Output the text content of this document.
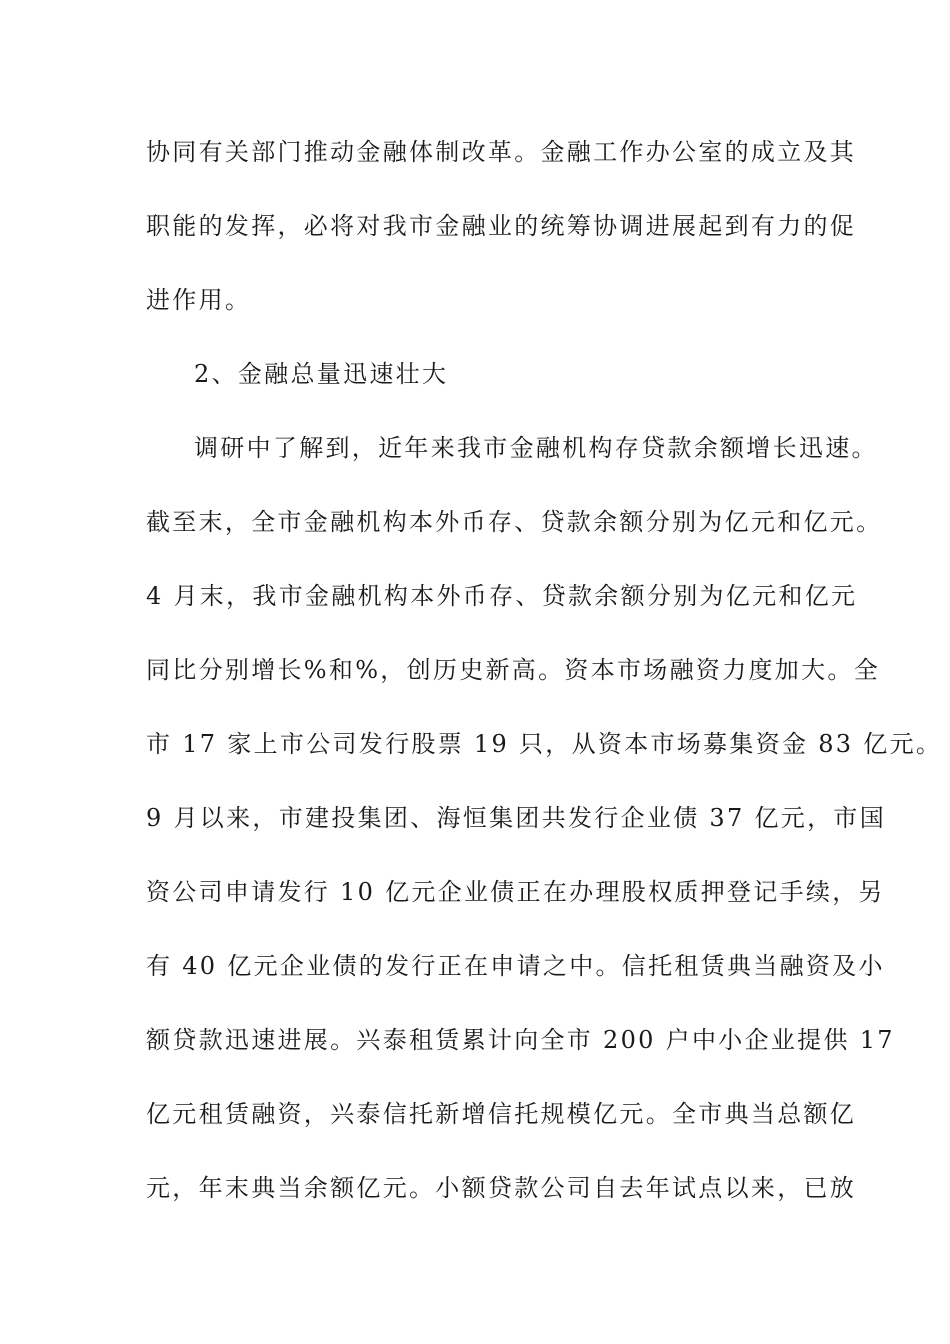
协同有关部门推动金融体制改革。金融工作办公室的成立及其
职能的发挥，必将对我市金融业的统筹协调进展起到有力的促
进作用。
2、金融总量迅速壮大
调研中了解到，近年来我市金融机构存贷款余额增长迅速。
截至末，全市金融机构本外币存、贷款余额分别为亿元和亿元。
4 月末，我市金融机构本外币存、贷款余额分别为亿元和亿元
同比分别增长%和%，创历史新高。资本市场融资力度加大。全
市 17 家上市公司发行股票 19 只，从资本市场募集资金 83 亿元。
9 月以来，市建投集团、海恒集团共发行企业债 37 亿元，市国
资公司申请发行 10 亿元企业债正在办理股权质押登记手续，另
有 40 亿元企业债的发行正在申请之中。信托租赁典当融资及小
额贷款迅速进展。兴泰租赁累计向全市 200 户中小企业提供 17
亿元租赁融资，兴泰信托新增信托规模亿元。全市典当总额亿
元，年末典当余额亿元。小额贷款公司自去年试点以来，已放
